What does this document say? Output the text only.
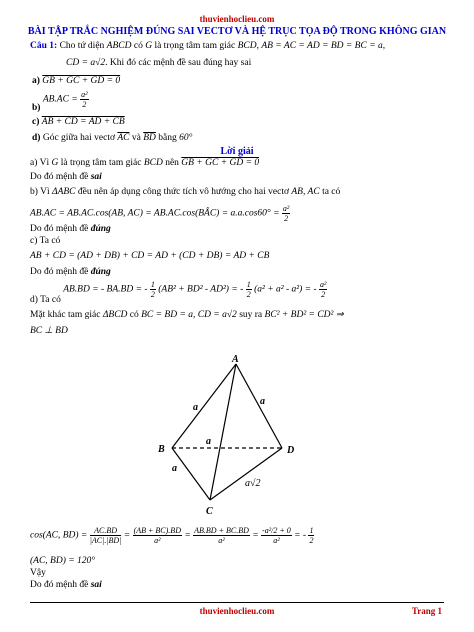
thuvienhoclieu.com
BÀI TẬP TRẮC NGHIỆM ĐÚNG SAI VECTƠ VÀ HỆ TRỤC TỌA ĐỘ TRONG KHÔNG GIAN
Câu 1: Cho tứ diện ABCD có G là trọng tâm tam giác BCD, AB = AC = AD = BD = BC = a,
CD = a√2. Khi đó các mệnh đề sau đúng hay sai
a) GB + GC + GD = 0
b) $AB.AC = \frac{\text{a²}}{2}$
c) AB + CD = AD + CB
d) Góc giữa hai vectơ $\overline{AC}$ và $\overline{BD}$ bằng 60°
Lời giải
a) Vì G là trọng tâm tam giác BCD nên GB + GC + GD = 0
Do đó mệnh đề sai
b) Vì ΔABC đều nên áp dụng công thức tích vô hướng cho hai vectơ AB, AC ta có
AB.AC = AB.AC.cos(AB, AC) = AB.AC.cos(BÂC) = $a.a.\cos 60^\circ = \frac{\text{a²}}{2}$
Do đó mệnh đề đúng
c) Ta có
AB + CD = (AD + DB) + CD = AD + (CD + DB) = AD + CB
Do đó mệnh đề đúng
d) Ta có AB.BD = - BA.BD = - $\frac{1}{2} (AB^2 + BD^2 - AD^2)$ = - $\frac{1}{2} (a^2 + a^2 - a^2)$ = - $\frac{\text{a²}}{2}$
Mặt khác tam giác ΔBCD có BC = BD = a, CD = a√2 suy ra BC² + BD² = CD² ⇒
BC ⊥ BD
A
B
C
D
a
a
a
a
a√2
cos(AC, $BD) = \frac{AC.BD}{|AC|.|BD|} = \frac{(AB + BC).BD}{\text{a²}} = \frac{AB.BD + BC.BD}{\text{a²}} = \frac{\text{-a²/2 + 0}}{\text{a²}}$ = - $\frac{1}{2}$
(AC, BD) = 120°
Vậy
Do đó mệnh đề sai
thuvienhoclieu.com	Trang 1
